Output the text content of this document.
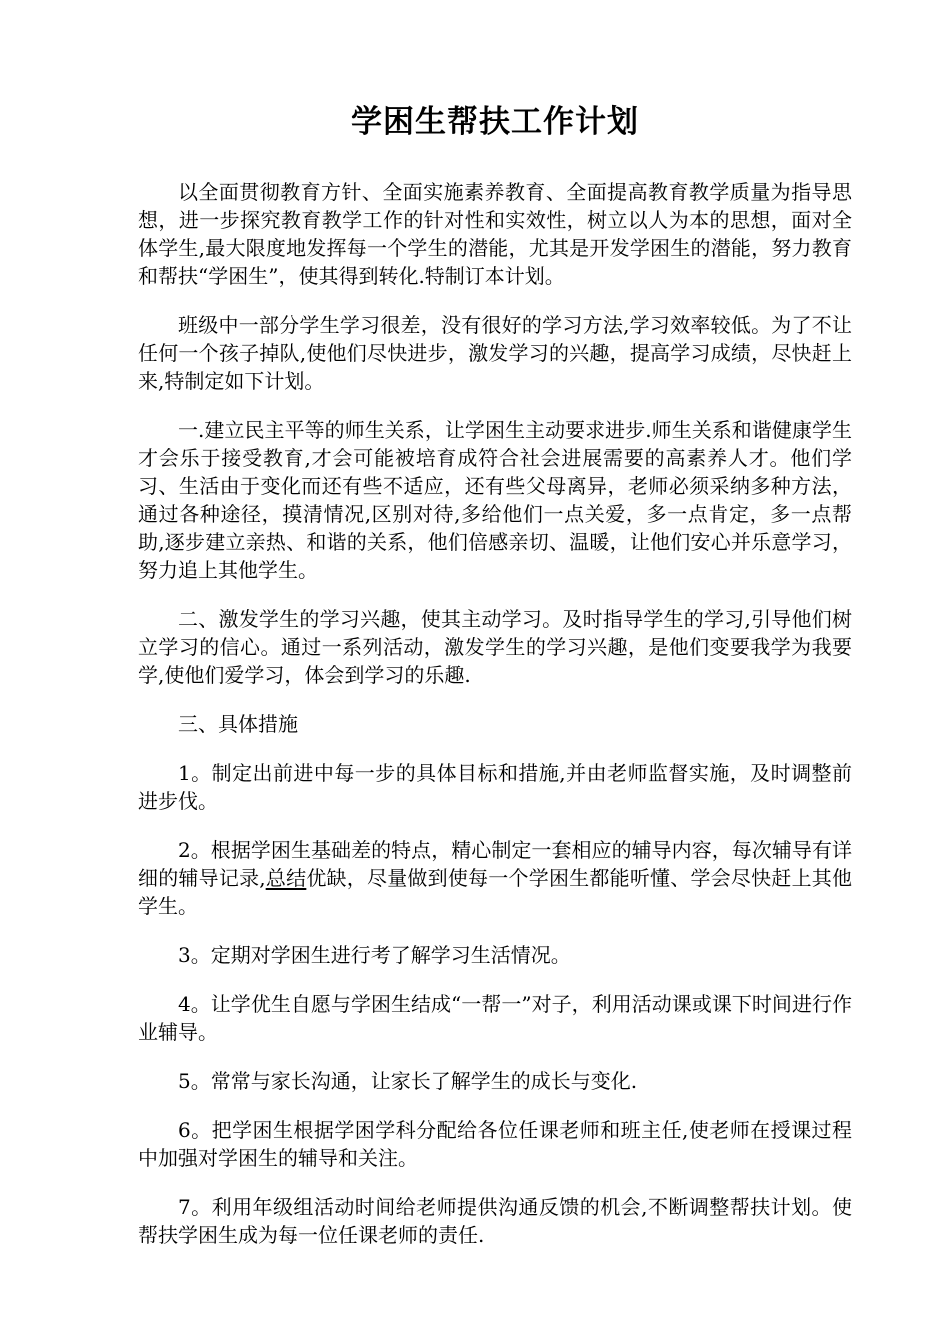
学困生帮扶工作计划

以全面贯彻教育方针、全面实施素养教育、全面提高教育教学质量为指导思想，进一步探究教育教学工作的针对性和实效性，树立以人为本的思想，面对全体学生,最大限度地发挥每一个学生的潜能，尤其是开发学困生的潜能，努力教育和帮扶“学困生”，使其得到转化.特制订本计划。

班级中一部分学生学习很差，没有很好的学习方法,学习效率较低。为了不让任何一个孩子掉队,使他们尽快进步，激发学习的兴趣，提高学习成绩，尽快赶上来,特制定如下计划。

一.建立民主平等的师生关系，让学困生主动要求进步.师生关系和谐健康学生才会乐于接受教育,才会可能被培育成符合社会进展需要的高素养人才。他们学习、生活由于变化而还有些不适应，还有些父母离异，老师必须采纳多种方法，通过各种途径，摸清情况,区别对待,多给他们一点关爱，多一点肯定，多一点帮助,逐步建立亲热、和谐的关系，他们倍感亲切、温暖，让他们安心并乐意学习，努力追上其他学生。

二、激发学生的学习兴趣，使其主动学习。及时指导学生的学习,引导他们树立学习的信心。通过一系列活动，激发学生的学习兴趣，是他们变要我学为我要学,使他们爱学习，体会到学习的乐趣.

三、具体措施

1。制定出前进中每一步的具体目标和措施,并由老师监督实施，及时调整前进步伐。

2。根据学困生基础差的特点，精心制定一套相应的辅导内容，每次辅导有详细的辅导记录,总结优缺，尽量做到使每一个学困生都能听懂、学会尽快赶上其他学生。

3。定期对学困生进行考了解学习生活情况。

4。让学优生自愿与学困生结成“一帮一”对子，利用活动课或课下时间进行作业辅导。

5。常常与家长沟通，让家长了解学生的成长与变化.

6。把学困生根据学困学科分配给各位任课老师和班主任,使老师在授课过程中加强对学困生的辅导和关注。

7。利用年级组活动时间给老师提供沟通反馈的机会,不断调整帮扶计划。使帮扶学困生成为每一位任课老师的责任.
